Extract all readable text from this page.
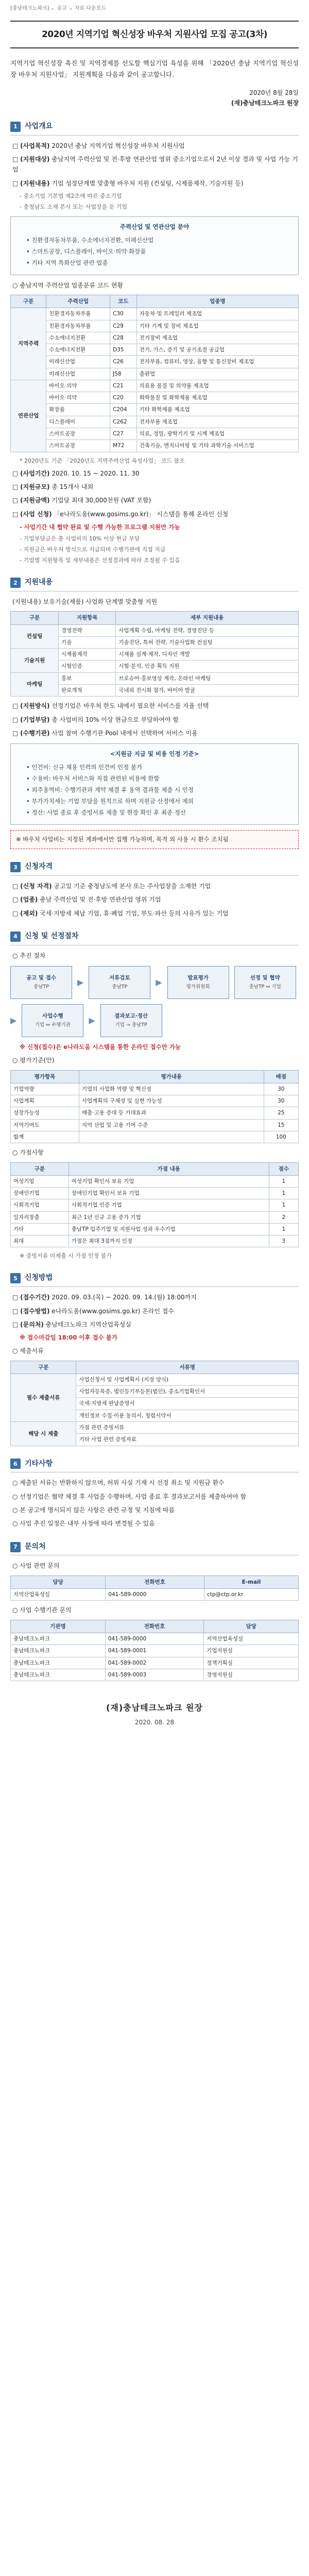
[충남테크노파크] 공고 자료 다운로드
2020년 지역기업 혁신성장 바우처 지원사업 모집 공고(3차)

지역기업 혁신성장 촉진 및 지역경제를 선도할 핵심기업 육성을 위해 「2020년 충남 지역기업 혁신성장 바우처 지원사업」 지원계획을 다음과 같이 공고합니다.

2020년 8월 28일
(재)충남테크노파크 원장
1	사업개요
□ (사업목적) 2020년 충남 지역기업 혁신성장 바우처 지원사업
□ (지원대상) 충남지역 주력산업 및 전·후방 연관산업 영위 중소기업으로서 2년 이상 경과 및 사업 가능 기업
□ (지원내용) 기업 성장단계별 맞춤형 바우처 지원 (컨설팅, 시제품제작, 기술지원 등)
- 중소기업 기본법 제2조에 따른 중소기업
- 충청남도 소재 본사 또는 사업장을 둔 기업
주력산업 및 연관산업 분야
• 친환경자동차부품, 수소에너지전환, 미래신산업
• 스마트공장, 디스플레이, 바이오·의약·화장품
• 기타 지역 특화산업 관련 업종
○ 충남지역 주력산업 업종분류 코드 현황
구분	주력산업	코드	업종명
지역주력	친환경자동차부품	C30	자동차 및 트레일러 제조업
	친환경자동차부품	C29	기타 기계 및 장비 제조업
	수소에너지전환	C28	전기장비 제조업
	수소에너지전환	D35	전기, 가스, 증기 및 공기조절 공급업
	미래신산업	C26	전자부품, 컴퓨터, 영상, 음향 및 통신장비 제조업
	미래신산업	J58	출판업
연관산업	바이오·의약	C21	의료용 물질 및 의약품 제조업
	바이오·의약	C20	화학물질 및 화학제품 제조업
	화장품	C204	기타 화학제품 제조업
	디스플레이	C262	전자부품 제조업
	스마트공장	C27	의료, 정밀, 광학기기 및 시계 제조업
	스마트공장	M72	건축기술, 엔지니어링 및 기타 과학기술 서비스업
* 2020년도 기준 「2020년도 지역주력산업 육성사업」 코드 참조
□ (사업기간) 2020. 10. 15 ~ 2020. 11. 30
□ (지원규모) 총 15개사 내외
□ (지원금액) 기업당 최대 30,000천원 (VAT 포함)
□ (사업 신청) 「e나라도움(www.gosims.go.kr)」 시스템을 통해 온라인 신청
- 사업기간 내 협약 완료 및 수행 가능한 프로그램 지원만 가능
- 기업부담금은 총 사업비의 10% 이상 현금 부담
- 지원금은 바우처 방식으로 지급되며 수행기관에 직접 지급
- 기업별 지원항목 및 세부내용은 선정결과에 따라 조정될 수 있음
2	지원내용
(지원내용) 보유기술(제품) 사업화 단계별 맞춤형 지원
구분	지원항목	세부 지원내용
컨설팅	경영전략	사업계획 수립, 마케팅 전략, 경영진단 등
	기술	기술진단, 특허 전략, 기술사업화 컨설팅
기술지원	시제품제작	시제품 설계·제작, 디자인 개발
	시험인증	시험·분석, 인증 획득 지원
마케팅	홍보	브로슈어·홍보영상 제작, 온라인 마케팅
	판로개척	국내외 전시회 참가, 바이어 발굴
□ (지원방식) 선정기업은 바우처 한도 내에서 필요한 서비스를 자율 선택
□ (기업부담) 총 사업비의 10% 이상 현금으로 부담하여야 함
□ (수행기관) 사업 참여 수행기관 Pool 내에서 선택하여 서비스 이용
<지원금 지급 및 비용 인정 기준>
• 인건비: 신규 채용 인력의 인건비 인정 불가
• 수용비: 바우처 서비스와 직접 관련된 비용에 한함
• 외주용역비: 수행기관과 계약 체결 후 용역 결과물 제출 시 인정
• 부가가치세는 기업 부담을 원칙으로 하며 지원금 산정에서 제외
• 정산: 사업 종료 후 증빙서류 제출 및 현장 확인 후 최종 정산
※ 바우처 사업비는 지정된 계좌에서만 집행 가능하며, 목적 외 사용 시 환수 조치됨
3	신청자격
□ (신청 자격) 공고일 기준 충청남도에 본사 또는 주사업장을 소재한 기업
□ (업종) 충남 주력산업 및 전·후방 연관산업 영위 기업
□ (제외) 국세·지방세 체납 기업, 휴·폐업 기업, 부도·파산 등의 사유가 있는 기업
4	신청 및 선정절차
○ 추진 절차
공고 및 접수
충남TP
▶	서류검토
충남TP
▶	발표평가
평가위원회
선정 및 협약
충남TP ↔ 기업
▶	사업수행
기업 ↔ 수행기관
▶	결과보고·정산
기업 → 충남TP
※ 신청(접수)은 e나라도움 시스템을 통한 온라인 접수만 가능
○ 평가기준(안)
평가항목	평가내용	배점
기업역량	기업의 사업화 역량 및 혁신성	30
사업계획	사업계획의 구체성 및 실현 가능성	30
성장가능성	매출·고용 증대 등 기대효과	25
지역기여도	지역 산업 및 고용 기여 수준	15
합계		100
○ 가점사항
구분	가점 내용	점수
여성기업	여성기업 확인서 보유 기업	1
장애인기업	장애인기업 확인서 보유 기업	1
사회적기업	사회적기업 인증 기업	1
일자리창출	최근 1년 신규 고용 증가 기업	2
기타	충남TP 입주기업 및 지원사업 성과 우수기업	1
최대	가점은 최대 3점까지 인정	3
※ 증빙서류 미제출 시 가점 인정 불가
5	신청방법
□ (접수기간) 2020. 09. 03.(목) ~ 2020. 09. 14.(월) 18:00까지
□ (접수방법) e나라도움(www.gosims.go.kr) 온라인 접수
□ (문의처) 충남테크노파크 지역산업육성실
※ 접수마감일 18:00 이후 접수 불가
○ 제출서류
구분	서류명
필수 제출서류	사업신청서 및 사업계획서 (지정 양식)
	사업자등록증, 법인등기부등본(법인), 중소기업확인서
	국세·지방세 완납증명서
	개인정보 수집·이용 동의서, 청렴서약서
해당 시 제출	가점 관련 증빙서류
	기타 사업 관련 증빙자료
6	기타사항
○ 제출된 서류는 반환하지 않으며, 허위 사실 기재 시 선정 취소 및 지원금 환수
○ 선정기업은 협약 체결 후 사업을 수행하며, 사업 종료 후 결과보고서를 제출하여야 함
○ 본 공고에 명시되지 않은 사항은 관련 규정 및 지침에 따름
○ 사업 추진 일정은 내부 사정에 따라 변경될 수 있음
7	문의처
○ 사업 관련 문의
담당	전화번호	E-mail
지역산업육성실	041-589-0000	ctp@ctp.or.kr
○ 사업 수행기관 문의
기관명	전화번호	담당
충남테크노파크	041-589-0000	지역산업육성실
충남테크노파크	041-589-0001	기업지원실
충남테크노파크	041-589-0002	정책기획실
충남테크노파크	041-589-0003	경영지원실
(재)충남테크노파크 원장
2020. 08. 28
